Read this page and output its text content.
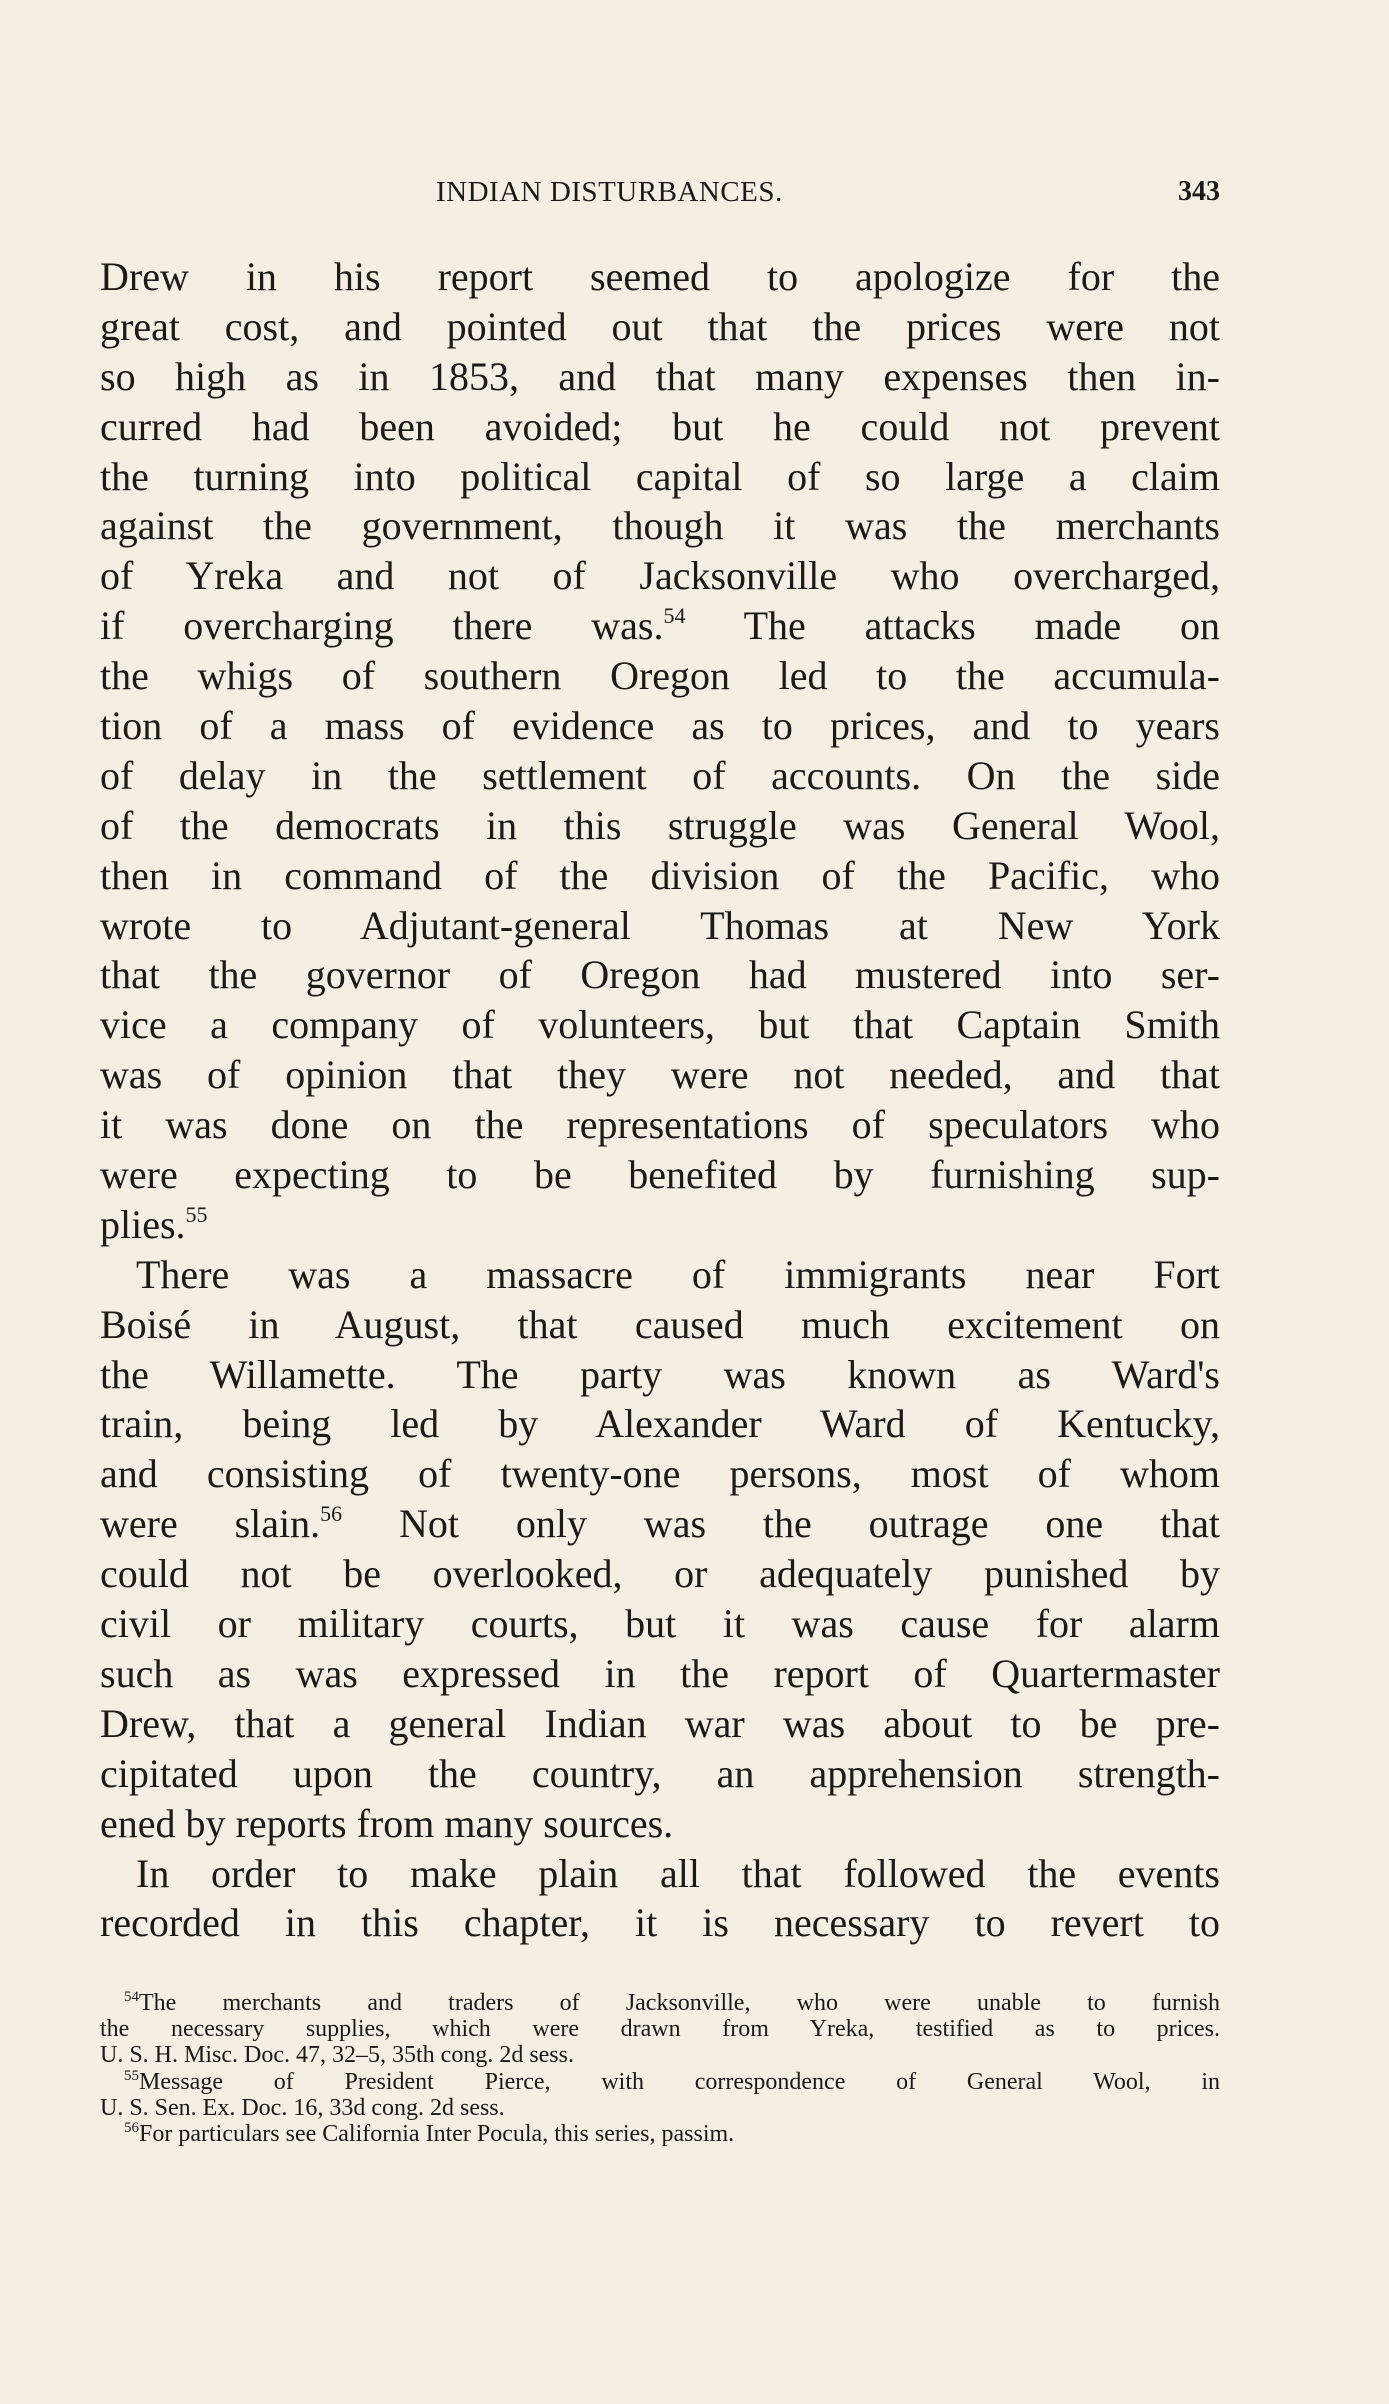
INDIAN DISTURBANCES.	343
Drew in his report seemed to apologize for the
great cost, and pointed out that the prices were not
so high as in 1853, and that many expenses then in-
curred had been avoided; but he could not prevent
the turning into political capital of so large a claim
against the government, though it was the merchants
of Yreka and not of Jacksonville who overcharged,
if overcharging there was.$^{54}$ The attacks made on
the whigs of southern Oregon led to the accumula-
tion of a mass of evidence as to prices, and to years
of delay in the settlement of accounts. On the side
of the democrats in this struggle was General Wool,
then in command of the division of the Pacific, who
wrote to Adjutant-general Thomas at New York
that the governor of Oregon had mustered into ser-
vice a company of volunteers, but that Captain Smith
was of opinion that they were not needed, and that
it was done on the representations of speculators who
were expecting to be benefited by furnishing sup-
plies.$^{55}$
There was a massacre of immigrants near Fort
Boisé in August, that caused much excitement on
the Willamette. The party was known as Ward's
train, being led by Alexander Ward of Kentucky,
and consisting of twenty-one persons, most of whom
were slain.$^{56}$ Not only was the outrage one that
could not be overlooked, or adequately punished by
civil or military courts, but it was cause for alarm
such as was expressed in the report of Quartermaster
Drew, that a general Indian war was about to be pre-
cipitated upon the country, an apprehension strength-
ened by reports from many sources.
In order to make plain all that followed the events
recorded in this chapter, it is necessary to revert to
$^{54}$The merchants and traders of Jacksonville, who were unable to furnish
the necessary supplies, which were drawn from Yreka, testified as to prices.
U. S. H. Misc. Doc. 47, 32–5, 35th cong. 2d sess.
$^{55}$Message of President Pierce, with correspondence of General Wool, in
U. S. Sen. Ex. Doc. 16, 33d cong. 2d sess.
$^{56}$For particulars see California Inter Pocula, this series, passim.
